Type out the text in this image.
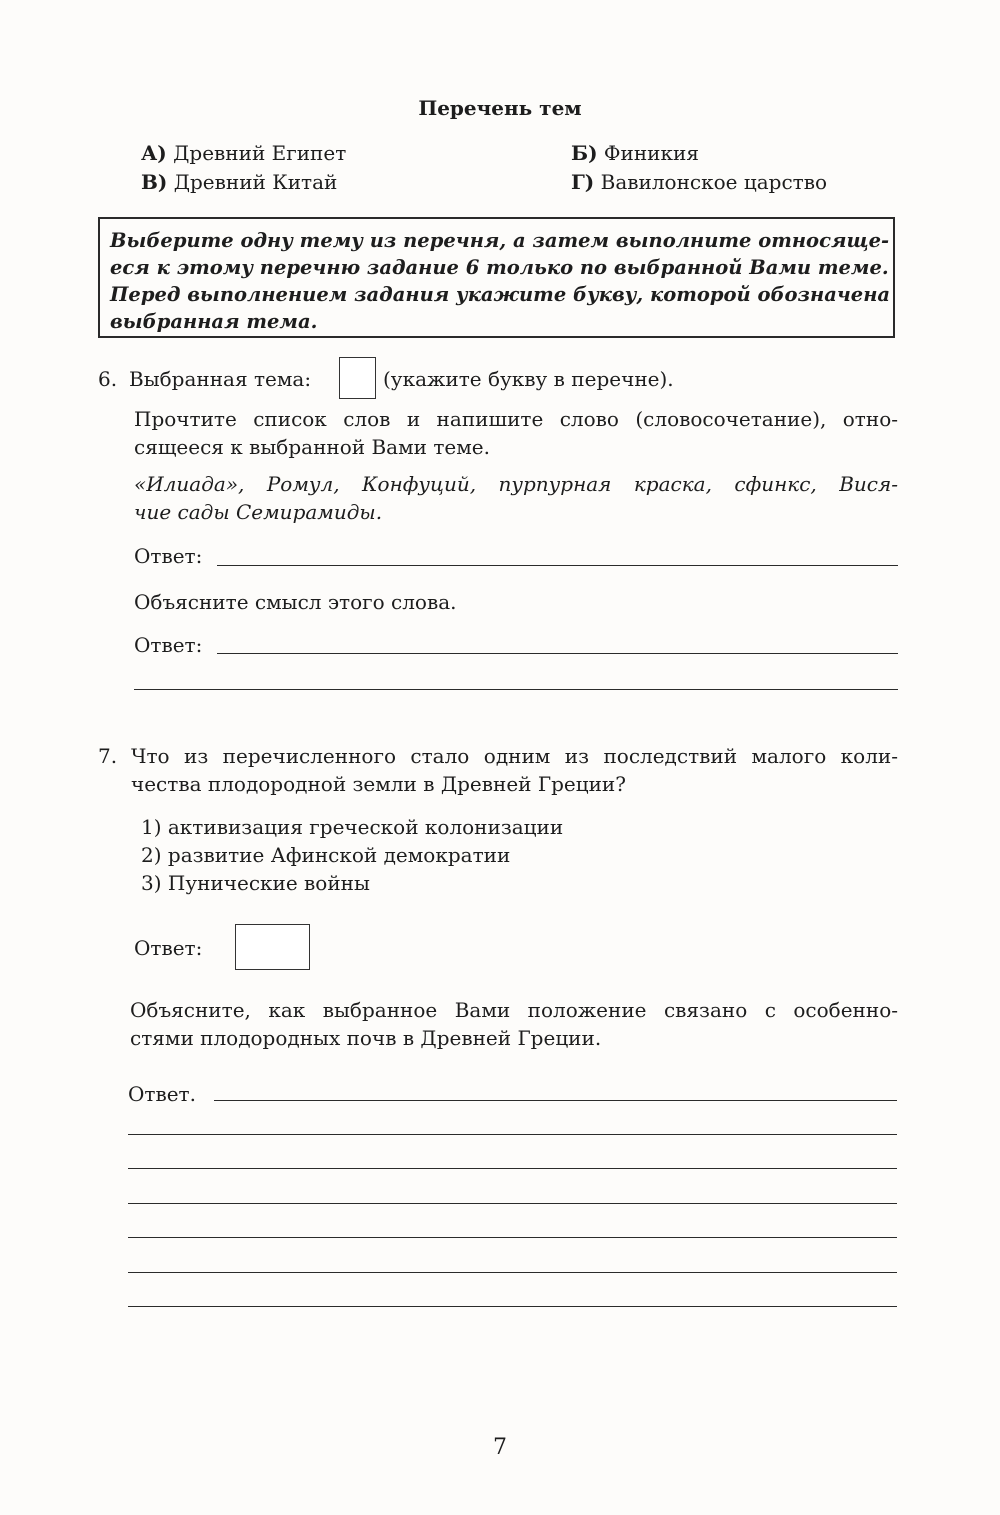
Перечень тем
А) Древний Египет	Б) Финикия
В) Древний Китай	Г) Вавилонское царство
Выберите одну тему из перечня, а затем выполните относяще-
еся к этому перечню задание 6 только по выбранной Вами теме.
Перед выполнением задания укажите букву, которой обозначена
выбранная тема.
6. Выбранная тема:	(укажите букву в перечне).
Прочтите список слов и напишите слово (словосочетание), отно-
сящееся к выбранной Вами теме.
«Илиада», Ромул, Конфуций, пурпурная краска, сфинкс, Вися-
чие сады Семирамиды.
Ответ:
Объясните смысл этого слова.
Ответ:
7. Что из перечисленного стало одним из последствий малого коли-
чества плодородной земли в Древней Греции?
1) активизация греческой колонизации
2) развитие Афинской демократии
3) Пунические войны
Ответ:
Объясните, как выбранное Вами положение связано с особенно-
стями плодородных почв в Древней Греции.
Ответ.
7
